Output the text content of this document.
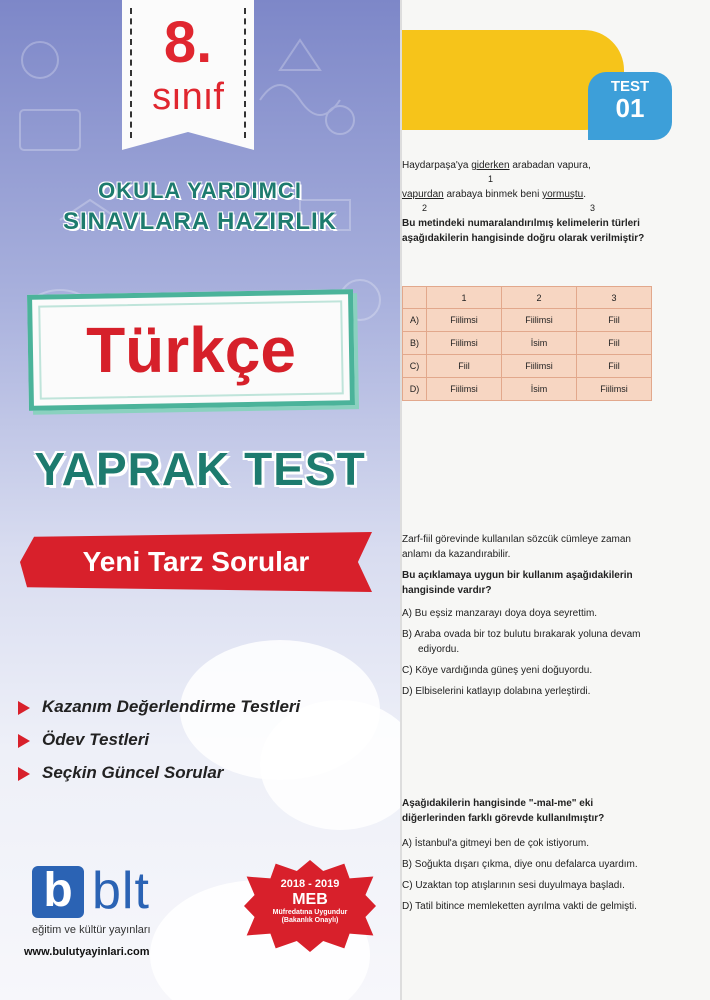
8.
sınıf
OKULA YARDIMCI
SINAVLARA HAZIRLIK
Türkçe
YAPRAK TEST
Yeni Tarz Sorular
Kazanım Değerlendirme Testleri
Ödev Testleri
Seçkin Güncel Sorular
b blt
eğitim ve kültür yayınları
www.bulutyayinlari.com
2018 - 2019
MEB
Müfredatına Uygundur
(Bakanlık Onaylı)
TEST
01

Haydarpaşa'ya giderken arabadan vapura,

1

vapurdan arabaya binmek beni yormuştu.

2	3

Bu metindeki numaralandırılmış kelimelerin türleri aşağıdakilerin hangisinde doğru olarak verilmiştir?

	1	2	3
A)	Fiilimsi	Fiilimsi	Fiil
B)	Fiilimsi	İsim	Fiil
C)	Fiil	Fiilimsi	Fiil
D)	Fiilimsi	İsim	Fiilimsi

Zarf-fiil görevinde kullanılan sözcük cümleye zaman anlamı da kazandırabilir.

Bu açıklamaya uygun bir kullanım aşağıdakilerin hangisinde vardır?

A) Bu eşsiz manzarayı doya doya seyrettim.
B) Araba ovada bir toz bulutu bırakarak yoluna devam ediyordu.
C) Köye vardığında güneş yeni doğuyordu.
D) Elbiselerini katlayıp dolabına yerleştirdi.

Aşağıdakilerin hangisinde "-maI-me" eki diğerlerinden farklı görevde kullanılmıştır?

A) İstanbul'a gitmeyi ben de çok istiyorum.
B) Soğukta dışarı çıkma, diye onu defalarca uyardım.
C) Uzaktan top atışlarının sesi duyulmaya başladı.
D) Tatil bitince memleketten ayrılma vakti de gelmişti.
